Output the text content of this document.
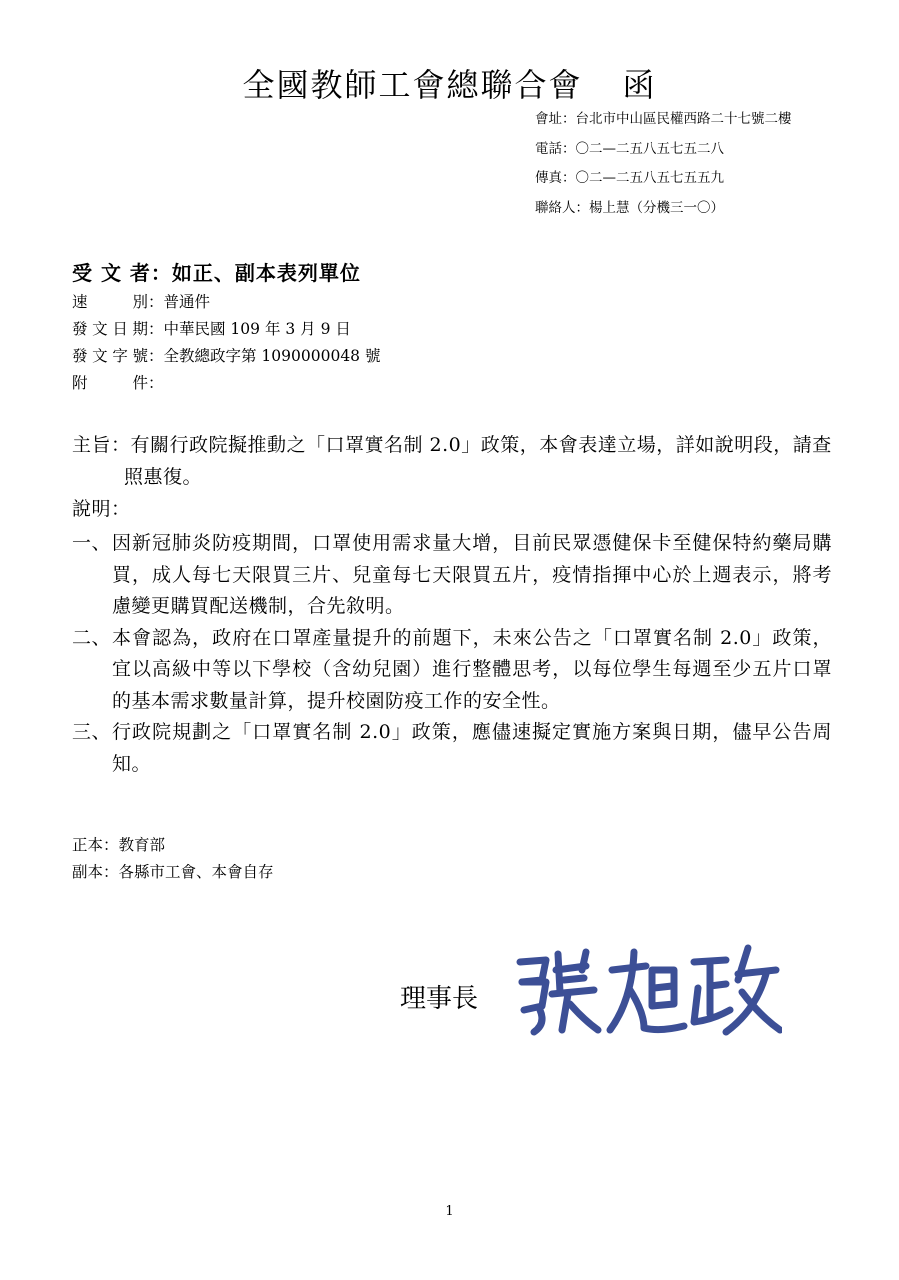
全國教師工會總聯合會 函
會址：台北市中山區民權西路二十七號二樓
電話：〇二—二五八五七五二八
傳真：〇二—二五八五七五五九
聯絡人：楊上慧（分機三一〇）
受 文 者：如正、副本表列單位
速別：普通件
發文日期：中華民國 109 年 3 月 9 日
發文字號：全教總政字第 1090000048 號
附件：
主旨： 有關行政院擬推動之「口罩實名制 2.0」政策，本會表達立場，詳如說明段，請查照惠復。
說明：
一、 因新冠肺炎防疫期間，口罩使用需求量大增，目前民眾憑健保卡至健保特約藥局購買，成人每七天限買三片、兒童每七天限買五片，疫情指揮中心於上週表示，將考慮變更購買配送機制，合先敘明。
二、 本會認為，政府在口罩產量提升的前題下，未來公告之「口罩實名制 2.0」政策，宜以高級中等以下學校（含幼兒園）進行整體思考，以每位學生每週至少五片口罩的基本需求數量計算，提升校園防疫工作的安全性。
三、 行政院規劃之「口罩實名制 2.0」政策，應儘速擬定實施方案與日期，儘早公告周知。
正本：教育部
副本：各縣市工會、本會自存
理事長
1
